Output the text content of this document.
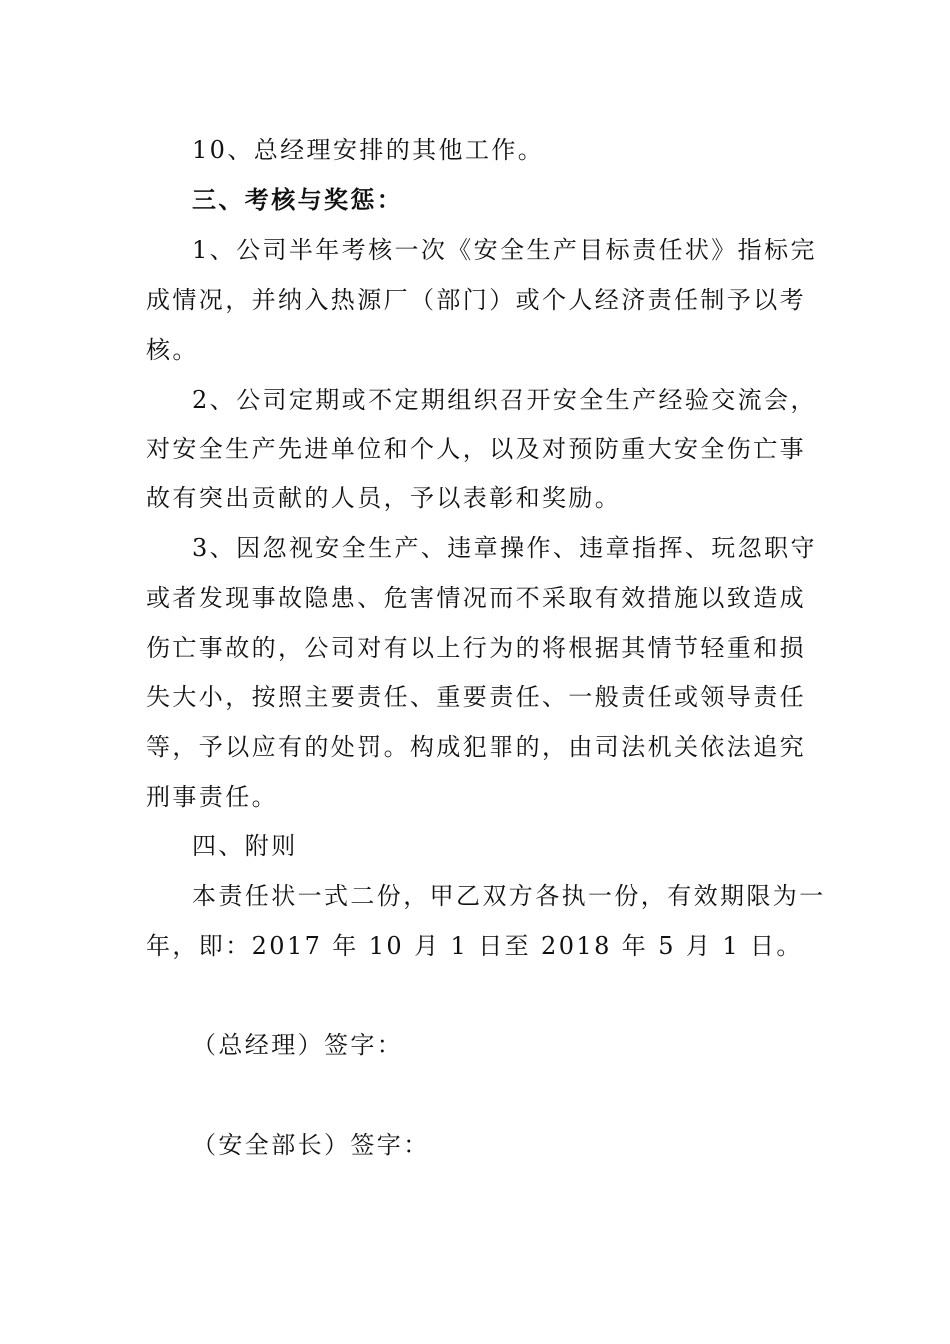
10、总经理安排的其他工作。
三、考核与奖惩：
1、公司半年考核一次《安全生产目标责任状》指标完
成情况，并纳入热源厂（部门）或个人经济责任制予以考
核。
2、公司定期或不定期组织召开安全生产经验交流会，
对安全生产先进单位和个人，以及对预防重大安全伤亡事
故有突出贡献的人员，予以表彰和奖励。
3、因忽视安全生产、违章操作、违章指挥、玩忽职守
或者发现事故隐患、危害情况而不采取有效措施以致造成
伤亡事故的，公司对有以上行为的将根据其情节轻重和损
失大小，按照主要责任、重要责任、一般责任或领导责任
等，予以应有的处罚。构成犯罪的，由司法机关依法追究
刑事责任。
四、附则
本责任状一式二份，甲乙双方各执一份，有效期限为一
年，即：2017 年 10 月 1 日至 2018 年 5 月 1 日。
（总经理）签字：
（安全部长）签字：
